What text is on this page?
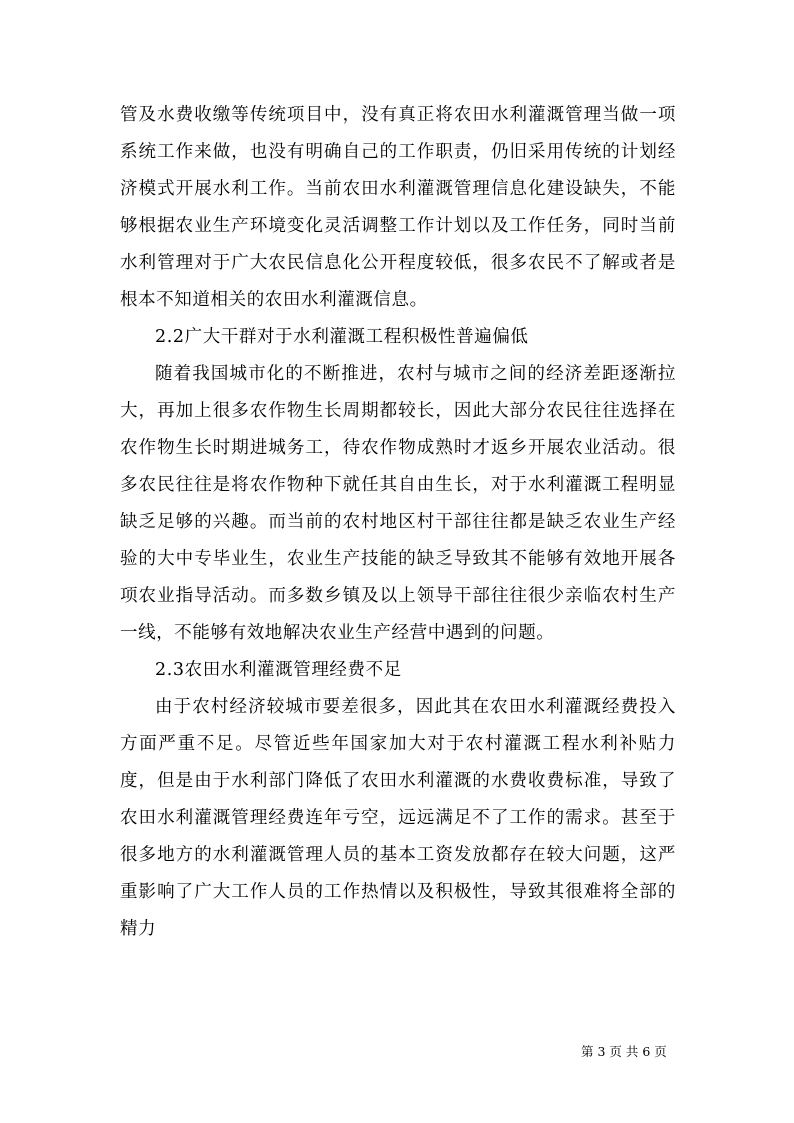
管及水费收缴等传统项目中，没有真正将农田水利灌溉管理当做一项系统工作来做，也没有明确自己的工作职责，仍旧采用传统的计划经济模式开展水利工作。当前农田水利灌溉管理信息化建设缺失，不能够根据农业生产环境变化灵活调整工作计划以及工作任务，同时当前水利管理对于广大农民信息化公开程度较低，很多农民不了解或者是根本不知道相关的农田水利灌溉信息。

2.2广大干群对于水利灌溉工程积极性普遍偏低

随着我国城市化的不断推进，农村与城市之间的经济差距逐渐拉大，再加上很多农作物生长周期都较长，因此大部分农民往往选择在农作物生长时期进城务工，待农作物成熟时才返乡开展农业活动。很多农民往往是将农作物种下就任其自由生长，对于水利灌溉工程明显缺乏足够的兴趣。而当前的农村地区村干部往往都是缺乏农业生产经验的大中专毕业生，农业生产技能的缺乏导致其不能够有效地开展各项农业指导活动。而多数乡镇及以上领导干部往往很少亲临农村生产一线，不能够有效地解决农业生产经营中遇到的问题。

2.3农田水利灌溉管理经费不足

由于农村经济较城市要差很多，因此其在农田水利灌溉经费投入方面严重不足。尽管近些年国家加大对于农村灌溉工程水利补贴力度，但是由于水利部门降低了农田水利灌溉的水费收费标准，导致了农田水利灌溉管理经费连年亏空，远远满足不了工作的需求。甚至于很多地方的水利灌溉管理人员的基本工资发放都存在较大问题，这严重影响了广大工作人员的工作热情以及积极性，导致其很难将全部的精力

第 3 页 共 6 页
